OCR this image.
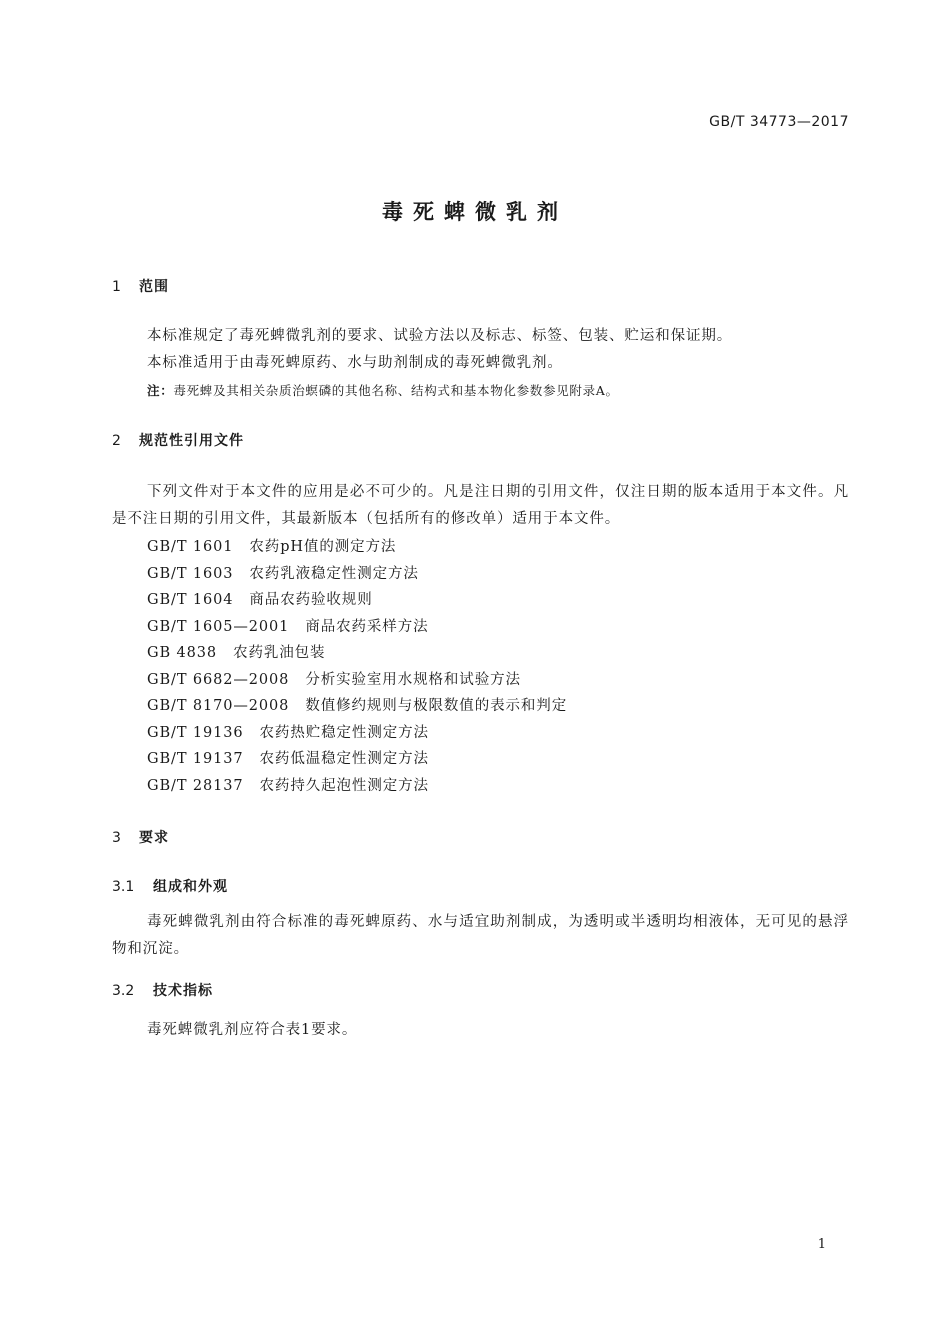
GB/T 34773—2017
毒死蜱微乳剂
1 范围
本标准规定了毒死蜱微乳剂的要求、试验方法以及标志、标签、包装、贮运和保证期。
本标准适用于由毒死蜱原药、水与助剂制成的毒死蜱微乳剂。
注：毒死蜱及其相关杂质治螟磷的其他名称、结构式和基本物化参数参见附录A。
2 规范性引用文件
下列文件对于本文件的应用是必不可少的。凡是注日期的引用文件，仅注日期的版本适用于本文件。凡是不注日期的引用文件，其最新版本（包括所有的修改单）适用于本文件。
GB/T 1601 农药pH值的测定方法
GB/T 1603 农药乳液稳定性测定方法
GB/T 1604 商品农药验收规则
GB/T 1605—2001 商品农药采样方法
GB 4838 农药乳油包装
GB/T 6682—2008 分析实验室用水规格和试验方法
GB/T 8170—2008 数值修约规则与极限数值的表示和判定
GB/T 19136 农药热贮稳定性测定方法
GB/T 19137 农药低温稳定性测定方法
GB/T 28137 农药持久起泡性测定方法
3 要求
3.1 组成和外观
毒死蜱微乳剂由符合标准的毒死蜱原药、水与适宜助剂制成，为透明或半透明均相液体，无可见的悬浮物和沉淀。
3.2 技术指标
毒死蜱微乳剂应符合表1要求。
1
